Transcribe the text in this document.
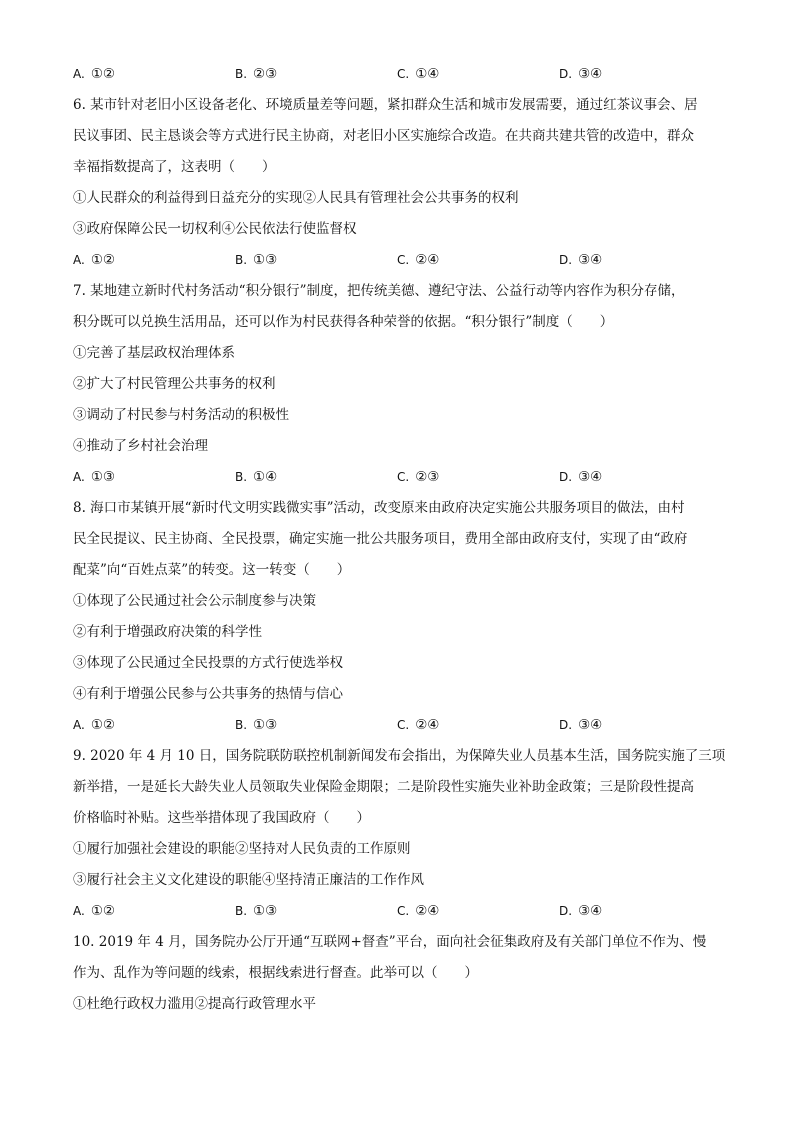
A. ①②	B. ②③	C. ①④	D. ③④

6. 某市针对老旧小区设备老化、环境质量差等问题，紧扣群众生活和城市发展需要，通过红茶议事会、居

民议事团、民主恳谈会等方式进行民主协商，对老旧小区实施综合改造。在共商共建共管的改造中，群众

幸福指数提高了，这表明（　　）

①人民群众的利益得到日益充分的实现②人民具有管理社会公共事务的权利

③政府保障公民一切权利④公民依法行使监督权

A. ①②	B. ①③	C. ②④	D. ③④

7. 某地建立新时代村务活动“积分银行”制度，把传统美德、遵纪守法、公益行动等内容作为积分存储，

积分既可以兑换生活用品，还可以作为村民获得各种荣誉的依据。“积分银行”制度（　　）

①完善了基层政权治理体系

②扩大了村民管理公共事务的权利

③调动了村民参与村务活动的积极性

④推动了乡村社会治理

A. ①③	B. ①④	C. ②③	D. ③④

8. 海口市某镇开展“新时代文明实践微实事”活动，改变原来由政府决定实施公共服务项目的做法，由村

民全民提议、民主协商、全民投票，确定实施一批公共服务项目，费用全部由政府支付，实现了由“政府

配菜”向“百姓点菜”的转变。这一转变（　　）

①体现了公民通过社会公示制度参与决策

②有利于增强政府决策的科学性

③体现了公民通过全民投票的方式行使选举权

④有利于增强公民参与公共事务的热情与信心

A. ①②	B. ①③	C. ②④	D. ③④

9. 2020 年 4 月 10 日，国务院联防联控机制新闻发布会指出，为保障失业人员基本生活，国务院实施了三项

新举措，一是延长大龄失业人员领取失业保险金期限；二是阶段性实施失业补助金政策；三是阶段性提高

价格临时补贴。这些举措体现了我国政府（　　）

①履行加强社会建设的职能②坚持对人民负责的工作原则

③履行社会主义文化建设的职能④坚持清正廉洁的工作作风

A. ①②	B. ①③	C. ②④	D. ③④

10. 2019 年 4 月，国务院办公厅开通“互联网+督查”平台，面向社会征集政府及有关部门单位不作为、慢

作为、乱作为等问题的线索，根据线索进行督查。此举可以（　　）

①杜绝行政权力滥用②提高行政管理水平
